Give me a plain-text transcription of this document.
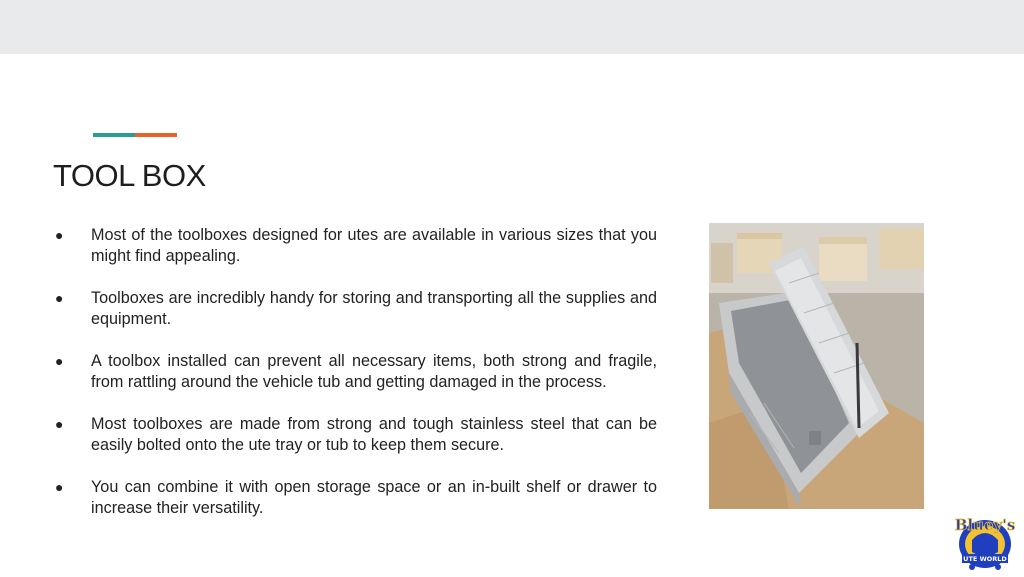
TOOL BOX
● Most of the toolboxes designed for utes are available in various sizes that you might find appealing.
● Toolboxes are incredibly handy for storing and transporting all the supplies and equipment.
● A toolbox installed can prevent all necessary items, both strong and fragile, from rattling around the vehicle tub and getting damaged in the process.
● Most toolboxes are made from strong and tough stainless steel that can be easily bolted onto the ute tray or tub to keep them secure.
● You can combine it with open storage space or an in-built shelf or drawer to increase their versatility.
Bluey's
UTE WORLD
